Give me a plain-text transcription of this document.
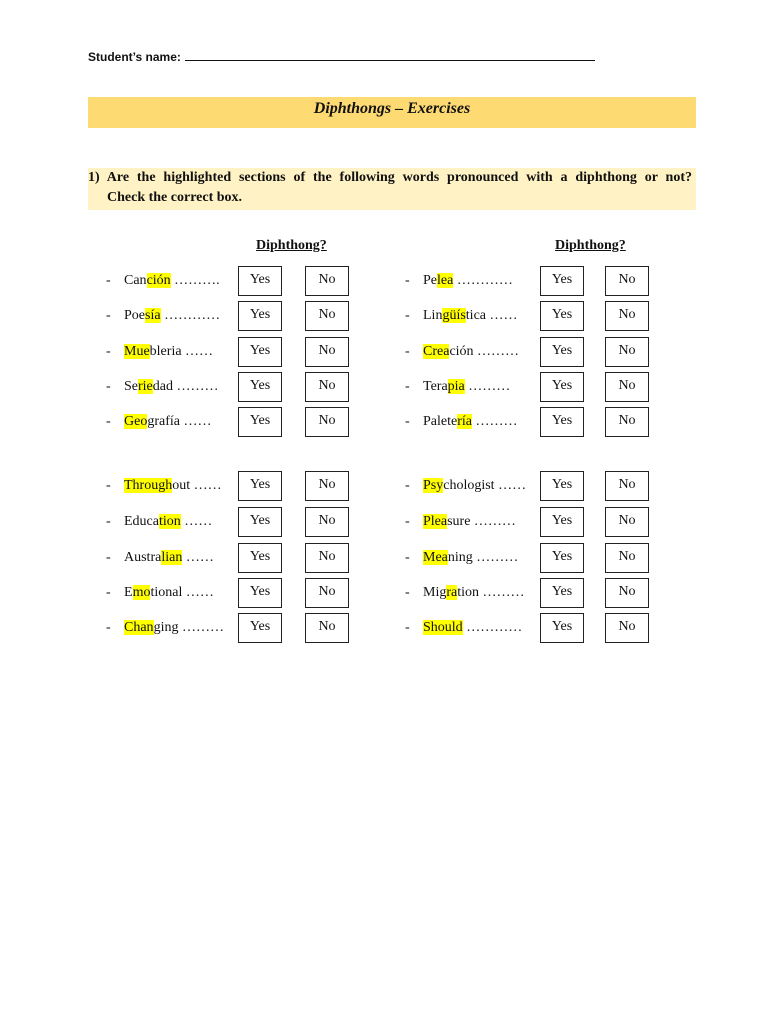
Student’s name:
Diphthongs – Exercises
1) Are the highlighted sections of the following words pronounced with a diphthong or not?
Check the correct box.
Diphthong?	Diphthong?
- Canción ……….	Yes	No
- Poesía …………	Yes	No
- Muebleria ……	Yes	No
- Seriedad ………	Yes	No
- Geografía ……	Yes	No
- Throughout ……	Yes	No
- Education ……	Yes	No
- Australian ……	Yes	No
- Emotional ……	Yes	No
- Changing ………	Yes	No
- Pelea …………	Yes	No
- Lingüística ……	Yes	No
- Creación ………	Yes	No
- Terapia ………	Yes	No
- Paletería ………	Yes	No
- Psychologist ……	Yes	No
- Pleasure ………	Yes	No
- Meaning ………	Yes	No
- Migration ………	Yes	No
- Should …………	Yes	No
